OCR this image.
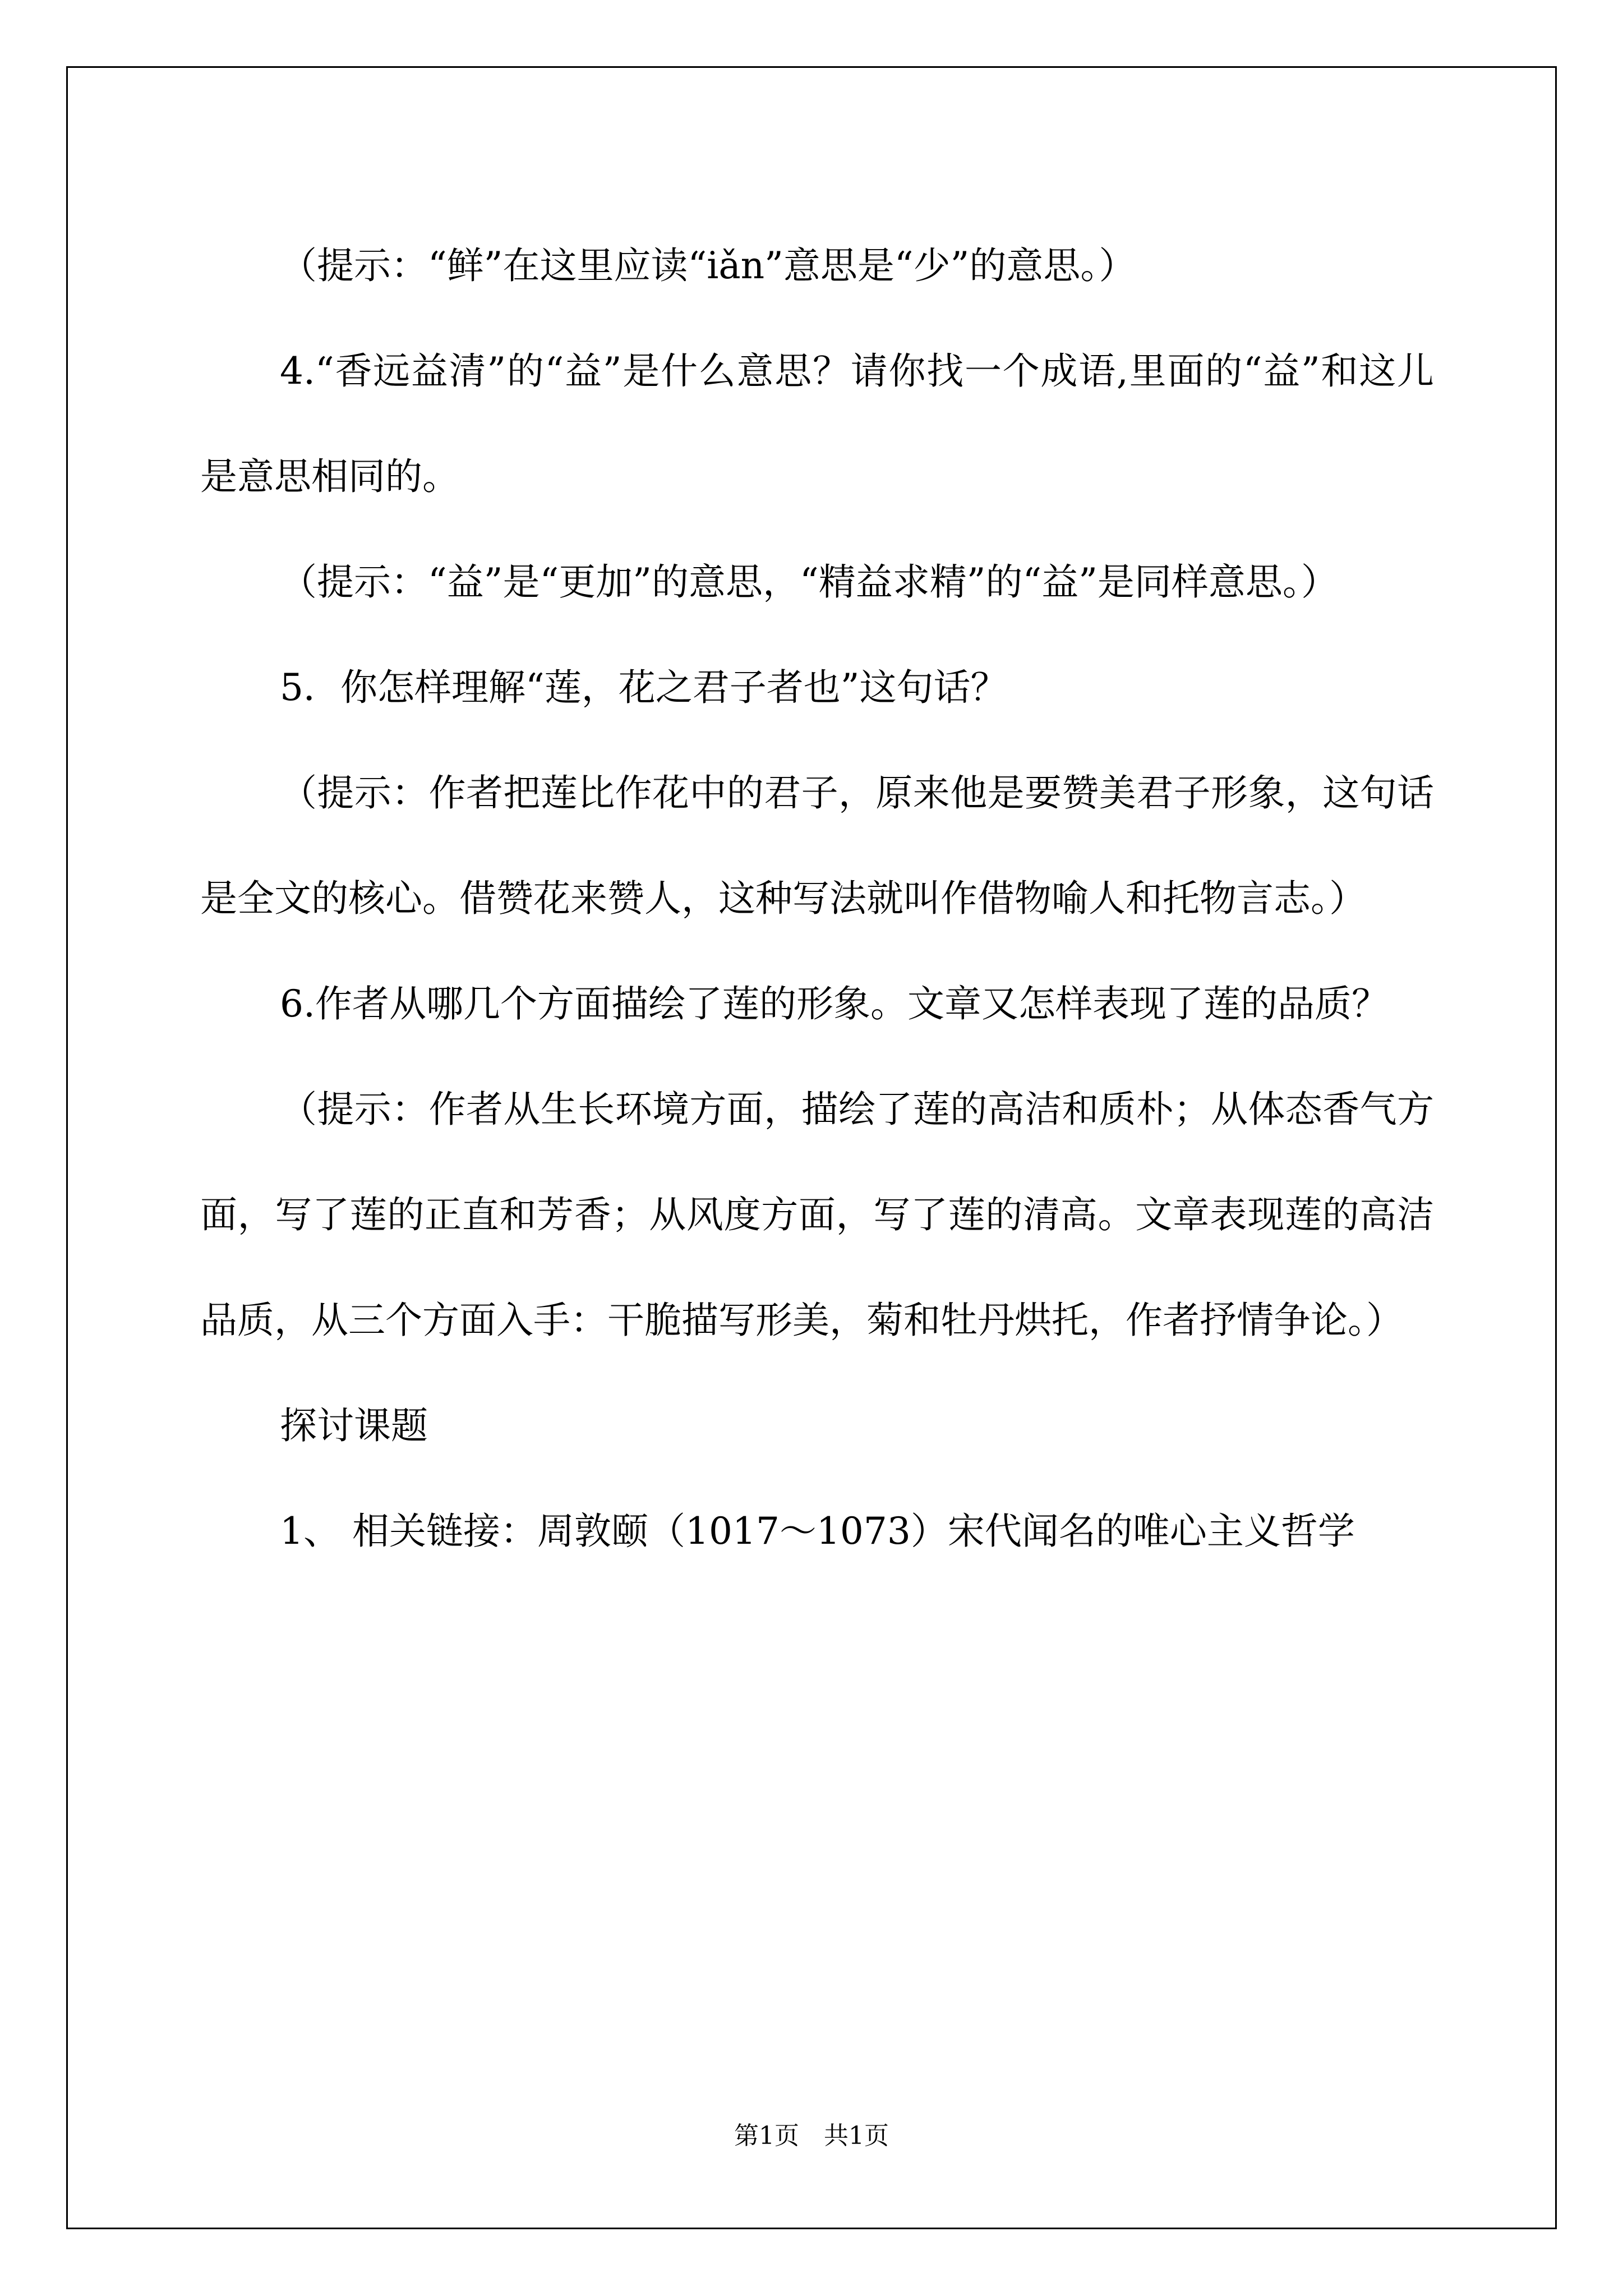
（提示：“鲜”在这里应读“iǎn”意思是“少”的意思。）

4.“香远益清”的“益”是什么意思？请你找一个成语,里面的“益”和这儿是意思相同的。

（提示：“益”是“更加”的意思，“精益求精”的“益”是同样意思。）

5．你怎样理解“莲，花之君子者也”这句话？

（提示：作者把莲比作花中的君子，原来他是要赞美君子形象，这句话是全文的核心。借赞花来赞人，这种写法就叫作借物喻人和托物言志。）

6.作者从哪几个方面描绘了莲的形象。文章又怎样表现了莲的品质？

（提示：作者从生长环境方面，描绘了莲的高洁和质朴；从体态香气方面，写了莲的正直和芳香；从风度方面，写了莲的清高。文章表现莲的高洁品质，从三个方面入手：干脆描写形美，菊和牡丹烘托，作者抒情争论。）

探讨课题

1、 相关链接：周敦颐（1017～1073）宋代闻名的唯心主义哲学

第1页　共1页
